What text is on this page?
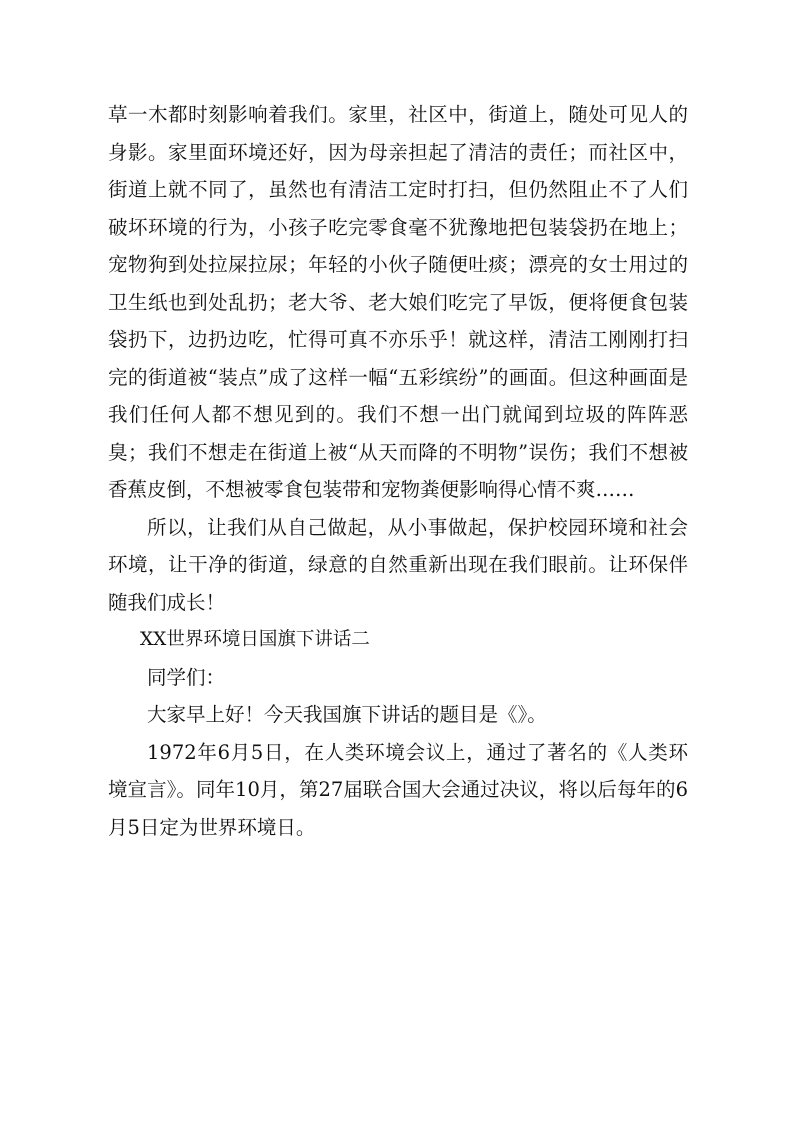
草一木都时刻影响着我们。家里，社区中，街道上，随处可见人的身影。家里面环境还好，因为母亲担起了清洁的责任；而社区中，街道上就不同了，虽然也有清洁工定时打扫，但仍然阻止不了人们破坏环境的行为，小孩子吃完零食毫不犹豫地把包装袋扔在地上；宠物狗到处拉屎拉尿；年轻的小伙子随便吐痰；漂亮的女士用过的卫生纸也到处乱扔；老大爷、老大娘们吃完了早饭，便将便食包装袋扔下，边扔边吃，忙得可真不亦乐乎！就这样，清洁工刚刚打扫完的街道被“装点”成了这样一幅“五彩缤纷”的画面。但这种画面是我们任何人都不想见到的。我们不想一出门就闻到垃圾的阵阵恶臭；我们不想走在街道上被“从天而降的不明物”误伤；我们不想被香蕉皮倒，不想被零食包装带和宠物粪便影响得心情不爽……

所以，让我们从自己做起，从小事做起，保护校园环境和社会环境，让干净的街道，绿意的自然重新出现在我们眼前。让环保伴随我们成长！

XX世界环境日国旗下讲话二

同学们：

大家早上好！今天我国旗下讲话的题目是《》。

1972年6月5日，在人类环境会议上，通过了著名的《人类环境宣言》。同年10月，第27届联合国大会通过决议，将以后每年的6月5日定为世界环境日。
